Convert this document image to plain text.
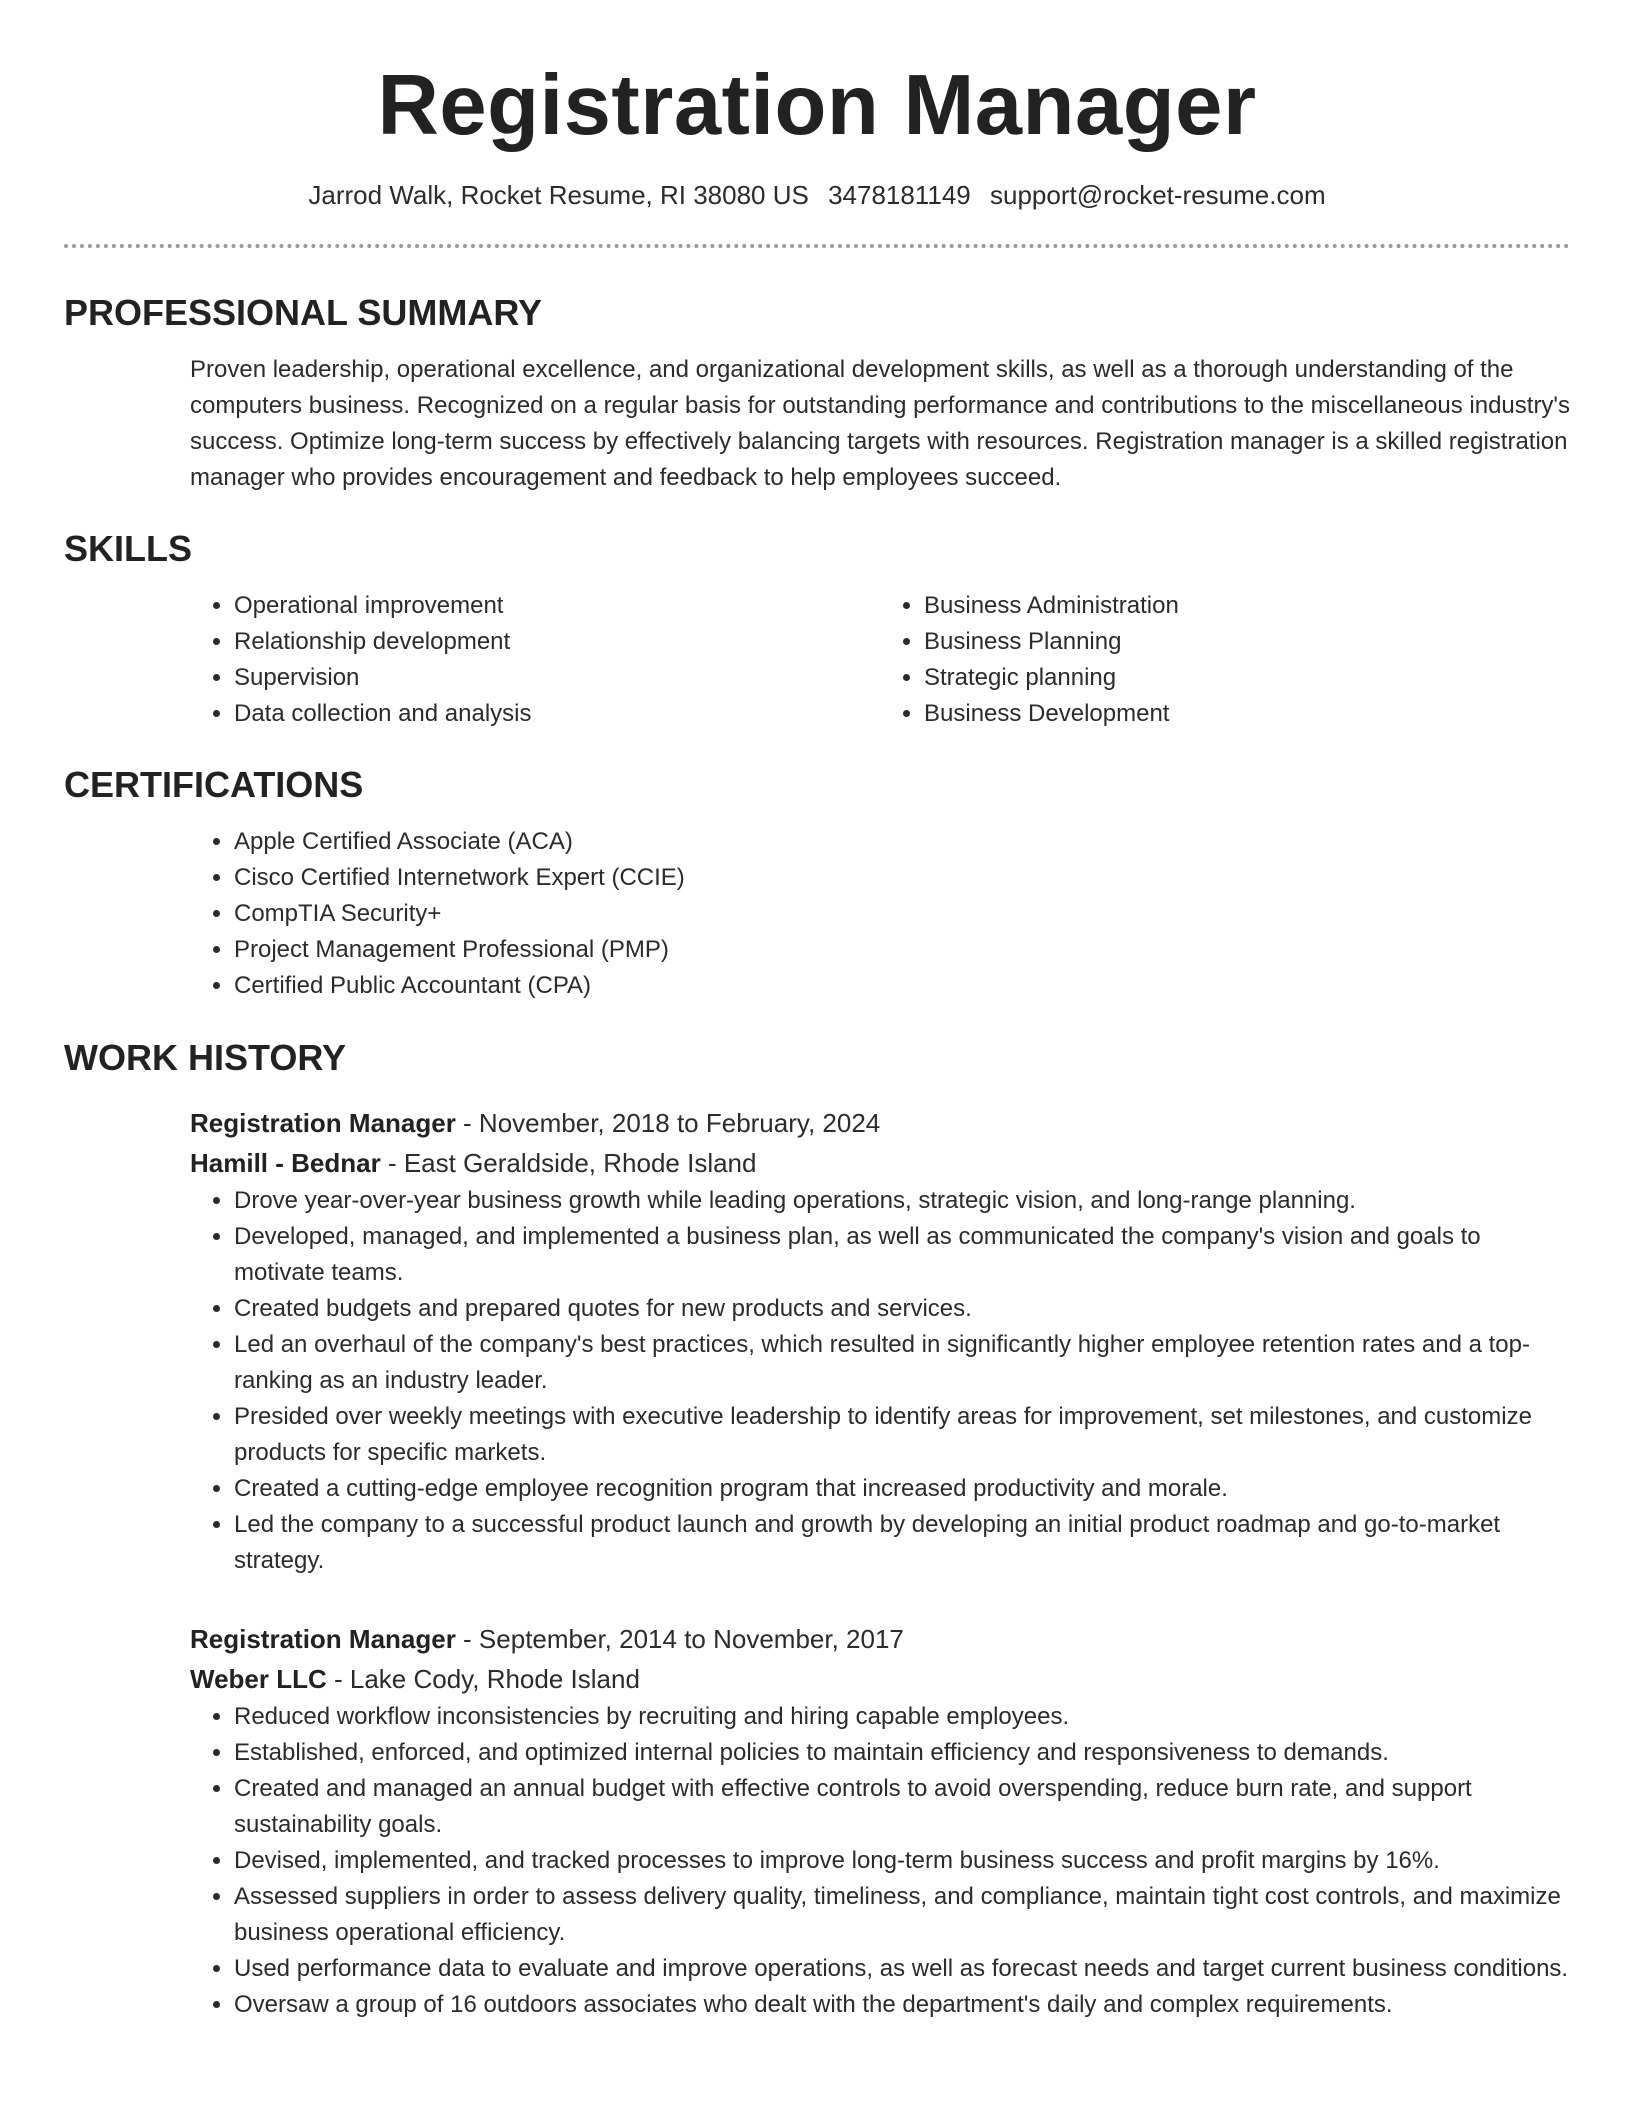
Registration Manager
Jarrod Walk, Rocket Resume, RI 38080 US 3478181149 support@rocket-resume.com
PROFESSIONAL SUMMARY
Proven leadership, operational excellence, and organizational development skills, as well as a thorough understanding of the computers business. Recognized on a regular basis for outstanding performance and contributions to the miscellaneous industry's success. Optimize long-term success by effectively balancing targets with resources. Registration manager is a skilled registration manager who provides encouragement and feedback to help employees succeed.
SKILLS
• Operational improvement
• Relationship development
• Supervision
• Data collection and analysis
• Business Administration
• Business Planning
• Strategic planning
• Business Development
CERTIFICATIONS
• Apple Certified Associate (ACA)
• Cisco Certified Internetwork Expert (CCIE)
• CompTIA Security+
• Project Management Professional (PMP)
• Certified Public Accountant (CPA)
WORK HISTORY
Registration Manager - November, 2018 to February, 2024
Hamill - Bednar - East Geraldside, Rhode Island
• Drove year-over-year business growth while leading operations, strategic vision, and long-range planning.
• Developed, managed, and implemented a business plan, as well as communicated the company's vision and goals to motivate teams.
• Created budgets and prepared quotes for new products and services.
• Led an overhaul of the company's best practices, which resulted in significantly higher employee retention rates and a top-ranking as an industry leader.
• Presided over weekly meetings with executive leadership to identify areas for improvement, set milestones, and customize products for specific markets.
• Created a cutting-edge employee recognition program that increased productivity and morale.
• Led the company to a successful product launch and growth by developing an initial product roadmap and go-to-market strategy.
Registration Manager - September, 2014 to November, 2017
Weber LLC - Lake Cody, Rhode Island
• Reduced workflow inconsistencies by recruiting and hiring capable employees.
• Established, enforced, and optimized internal policies to maintain efficiency and responsiveness to demands.
• Created and managed an annual budget with effective controls to avoid overspending, reduce burn rate, and support sustainability goals.
• Devised, implemented, and tracked processes to improve long-term business success and profit margins by 16%.
• Assessed suppliers in order to assess delivery quality, timeliness, and compliance, maintain tight cost controls, and maximize business operational efficiency.
• Used performance data to evaluate and improve operations, as well as forecast needs and target current business conditions.
• Oversaw a group of 16 outdoors associates who dealt with the department's daily and complex requirements.
